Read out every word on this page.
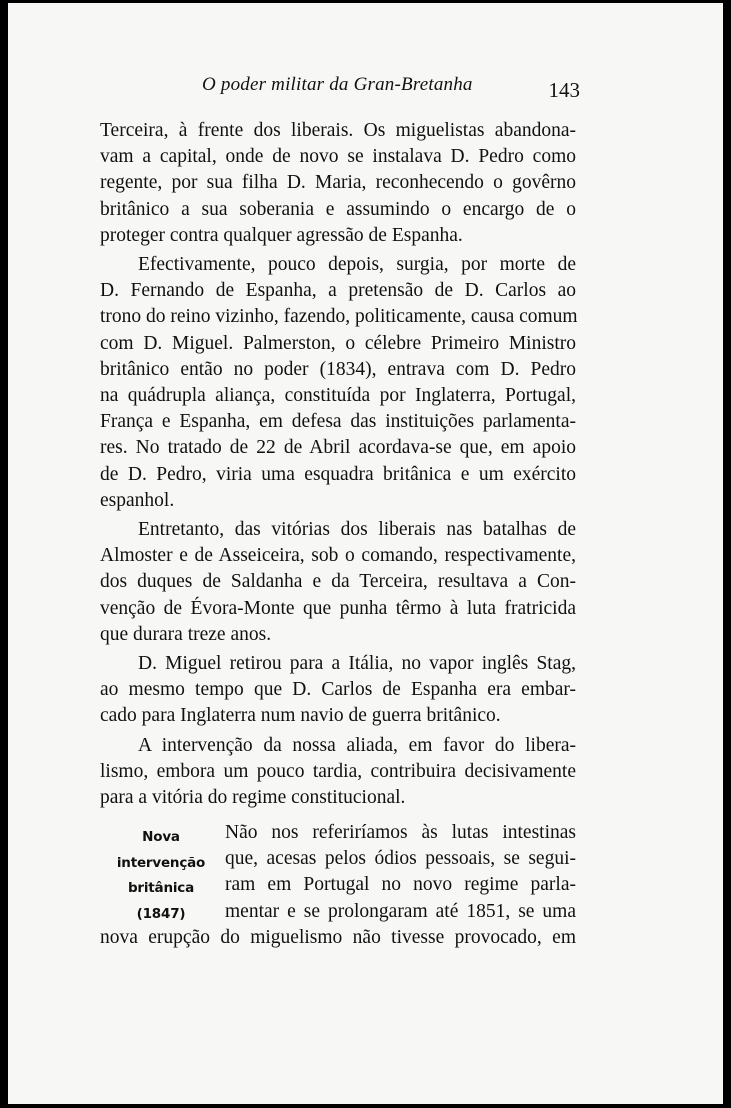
O poder militar da Gran-Bretanha	143
Terceira, à frente dos liberais. Os miguelistas abandona-
vam a capital, onde de novo se instalava D. Pedro como
regente, por sua filha D. Maria, reconhecendo o govêrno
britânico a sua soberania e assumindo o encargo de o
proteger contra qualquer agressão de Espanha.
Efectivamente, pouco depois, surgia, por morte de
D. Fernando de Espanha, a pretensão de D. Carlos ao
trono do reino vizinho, fazendo, politicamente, causa comum
com D. Miguel. Palmerston, o célebre Primeiro Ministro
britânico então no poder (1834), entrava com D. Pedro
na quádrupla aliança, constituída por Inglaterra, Portugal,
França e Espanha, em defesa das instituições parlamenta-
res. No tratado de 22 de Abril acordava-se que, em apoio
de D. Pedro, viria uma esquadra britânica e um exército
espanhol.
Entretanto, das vitórias dos liberais nas batalhas de
Almoster e de Asseiceira, sob o comando, respectivamente,
dos duques de Saldanha e da Terceira, resultava a Con-
venção de Évora-Monte que punha têrmo à luta fratricida
que durara treze anos.
D. Miguel retirou para a Itália, no vapor inglês Stag,
ao mesmo tempo que D. Carlos de Espanha era embar-
cado para Inglaterra num navio de guerra britânico.
A intervenção da nossa aliada, em favor do libera-
lismo, embora um pouco tardia, contribuira decisivamente
para a vitória do regime constitucional.
Nova intervenção
britânica
(1847)
Não nos referiríamos às lutas intestinas
que, acesas pelos ódios pessoais, se segui-
ram em Portugal no novo regime parla-
mentar e se prolongaram até 1851, se uma
nova erupção do miguelismo não tivesse provocado, em
